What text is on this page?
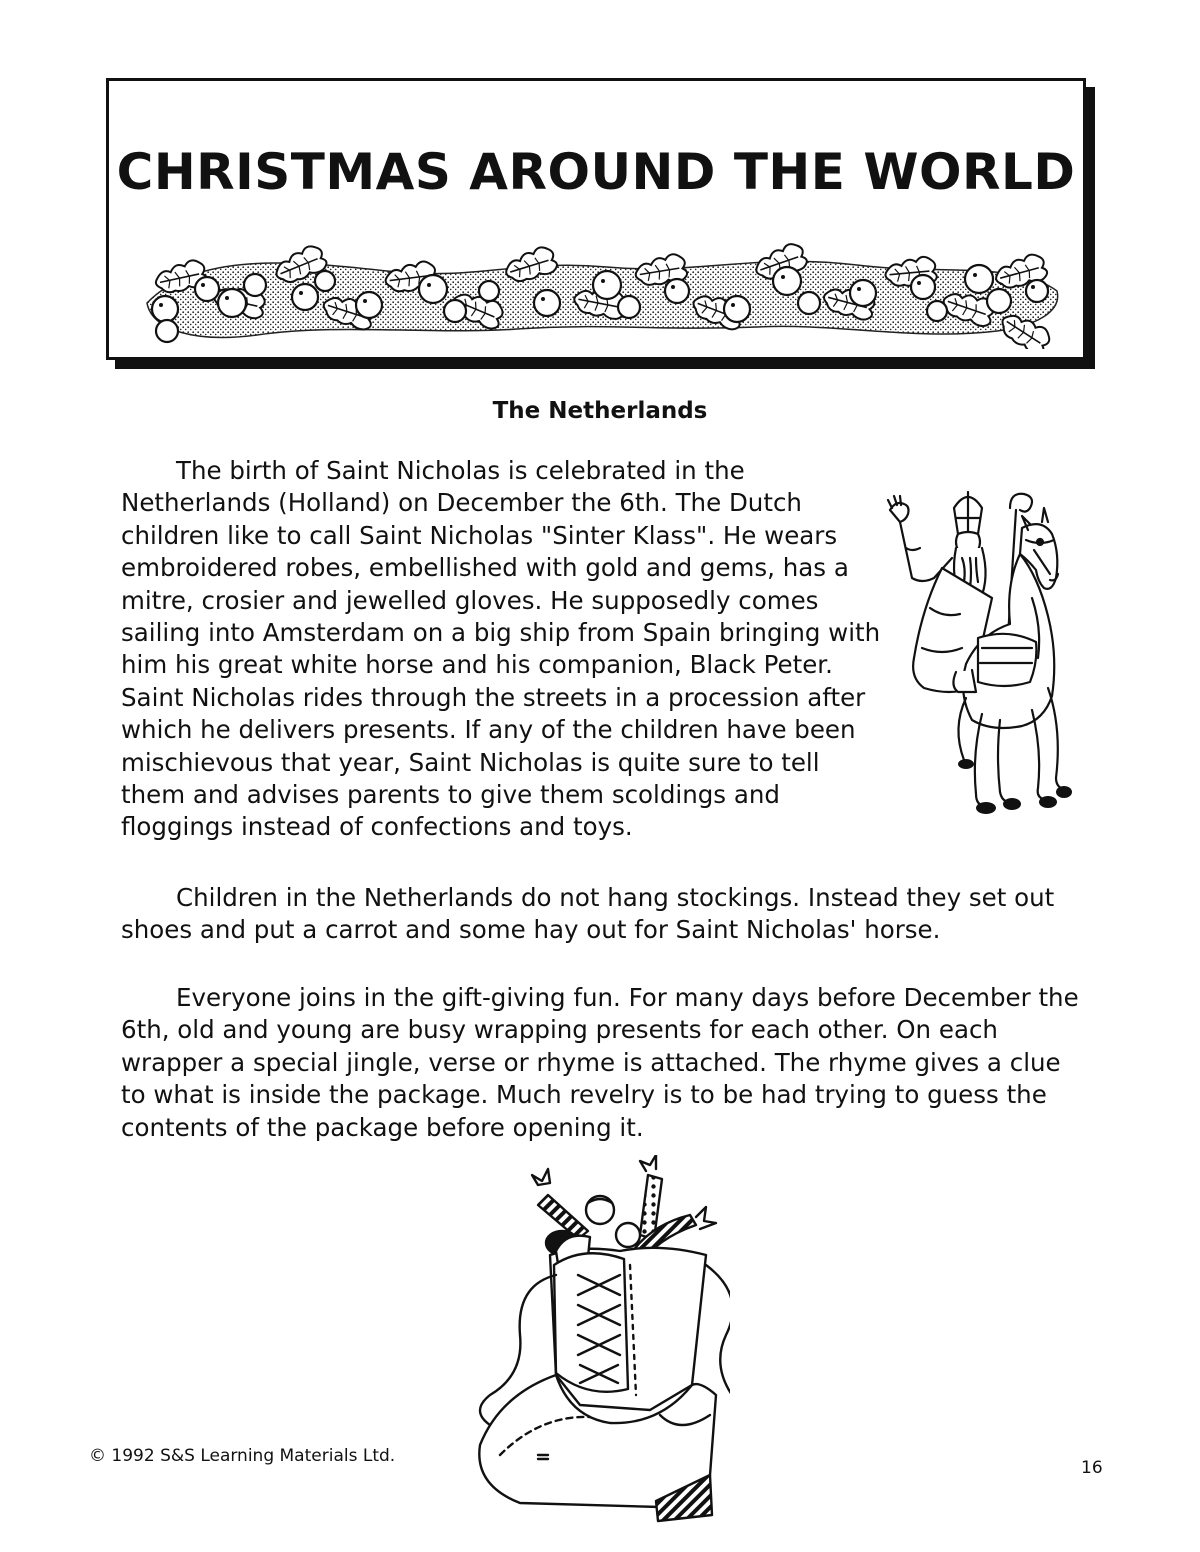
CHRISTMAS AROUND THE WORLD
The Netherlands
The birth of Saint Nicholas is celebrated in the Netherlands (Holland) on December the 6th. The Dutch children like to call Saint Nicholas "Sinter Klass". He wears embroidered robes, embellished with gold and gems, has a mitre, crosier and jewelled gloves. He supposedly comes sailing into Amsterdam on a big ship from Spain bringing with him his great white horse and his companion, Black Peter. Saint Nicholas rides through the streets in a procession after which he delivers presents. If any of the children have been mischievous that year, Saint Nicholas is quite sure to tell them and advises parents to give them scoldings and floggings instead of confections and toys.

Children in the Netherlands do not hang stockings. Instead they set out shoes and put a carrot and some hay out for Saint Nicholas' horse.

Everyone joins in the gift-giving fun. For many days before December the 6th, old and young are busy wrapping presents for each other. On each wrapper a special jingle, verse or rhyme is attached. The rhyme gives a clue to what is inside the package. Much revelry is to be had trying to guess the contents of the package before opening it.

© 1992 S&S Learning Materials Ltd.
16
